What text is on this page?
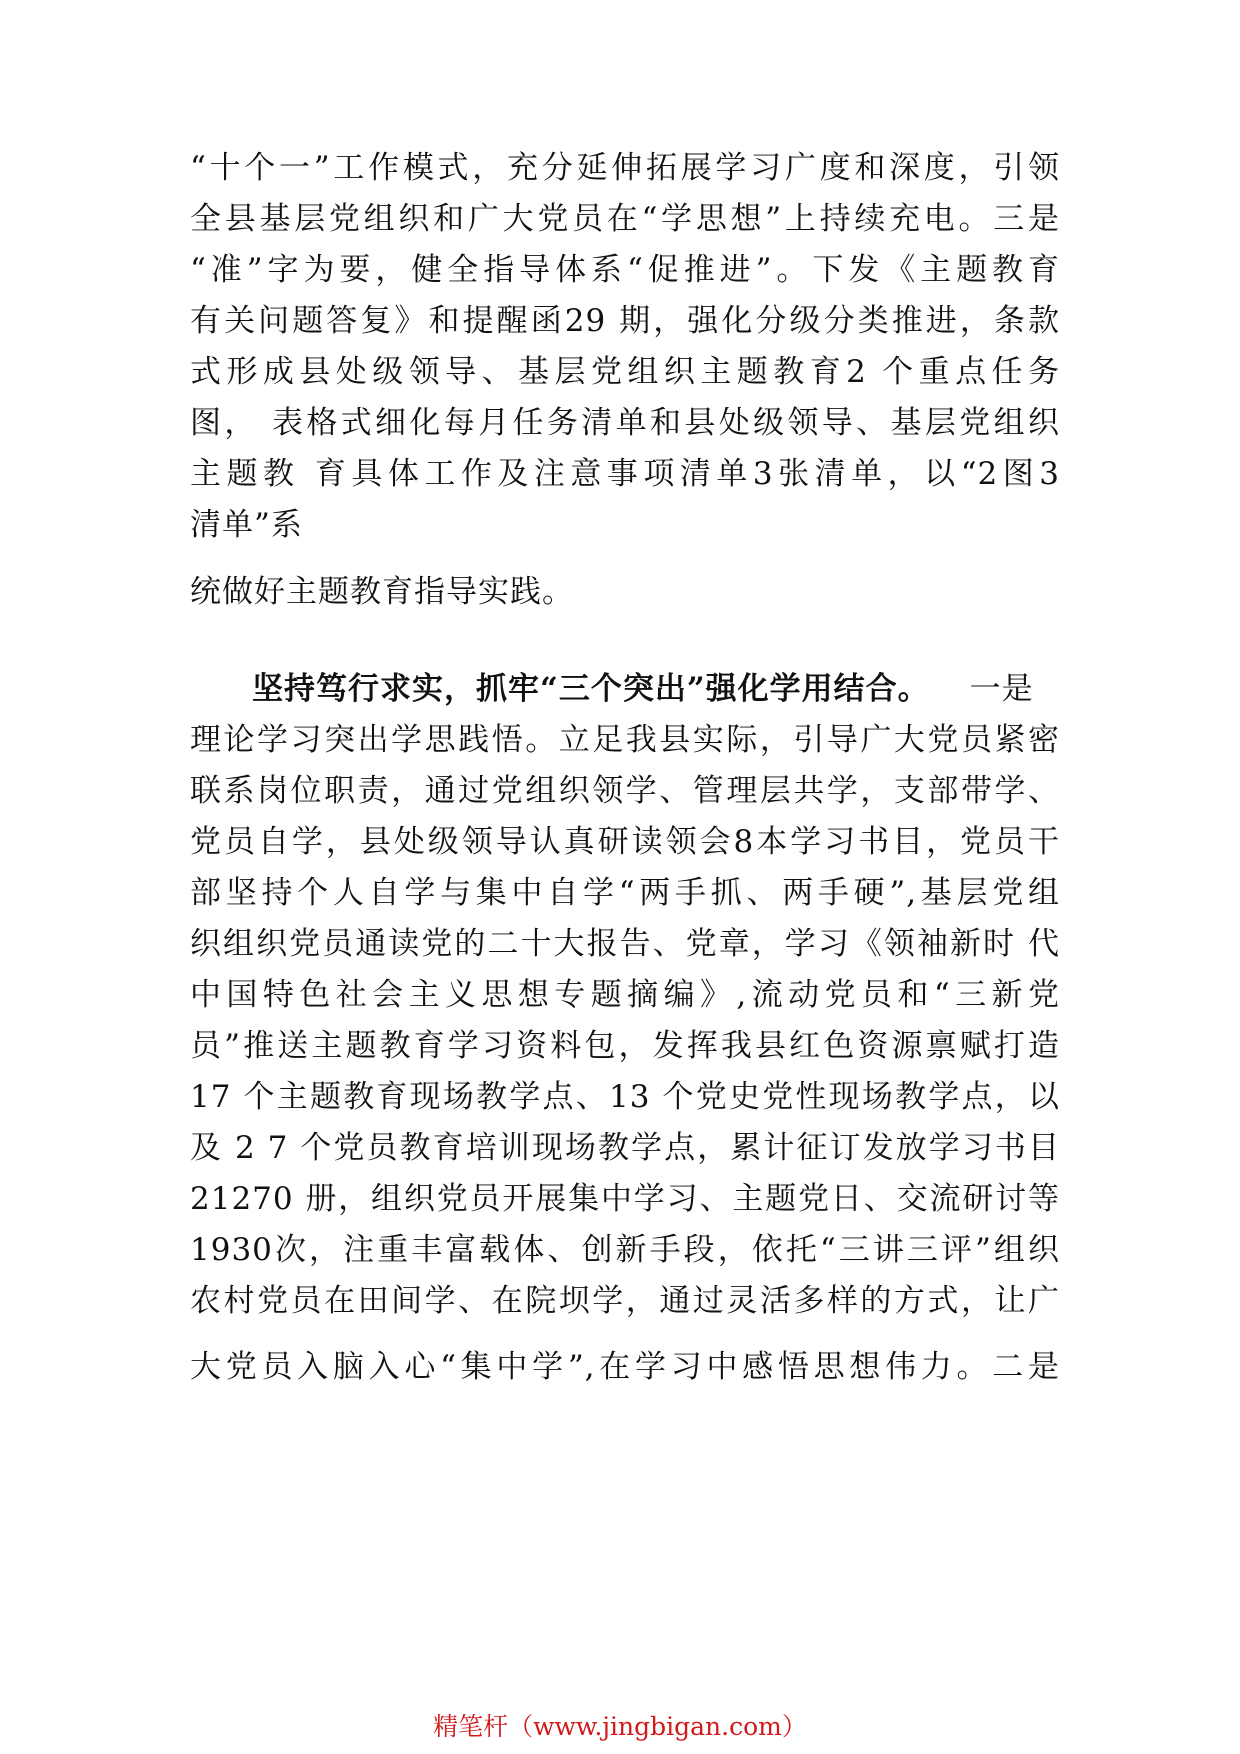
“十个一”工作模式，充分延伸拓展学习广度和深度，引领
全县基层党组织和广大党员在“学思想”上持续充电。三是
“准”字为要，健全指导体系“促推进”。下发《主题教育
有关问题答复》和提醒函29 期，强化分级分类推进，条款
式形成县处级领导、基层党组织主题教育2 个重点任务
图， 表格式细化每月任务清单和县处级领导、基层党组织
主题教 育具体工作及注意事项清单3张清单，以“2图3
清单”系
统做好主题教育指导实践。
坚持笃行求实，抓牢“三个突出”强化学用结合。 一是
理论学习突出学思践悟。立足我县实际，引导广大党员紧密
联系岗位职责，通过党组织领学、管理层共学，支部带学、
党员自学，县处级领导认真研读领会8本学习书目，党员干
部坚持个人自学与集中自学“两手抓、两手硬”,基层党组
织组织党员通读党的二十大报告、党章，学习《领袖新时 代
中国特色社会主义思想专题摘编》,流动党员和“三新党
员”推送主题教育学习资料包，发挥我县红色资源禀赋打造
17 个主题教育现场教学点、13 个党史党性现场教学点，以
及 2 7 个党员教育培训现场教学点，累计征订发放学习书目
21270 册，组织党员开展集中学习、主题党日、交流研讨等
1930次，注重丰富载体、创新手段，依托“三讲三评”组织
农村党员在田间学、在院坝学，通过灵活多样的方式，让广
大党员入脑入心“集中学”,在学习中感悟思想伟力。二是
精笔杆（www.jingbigan.com）
